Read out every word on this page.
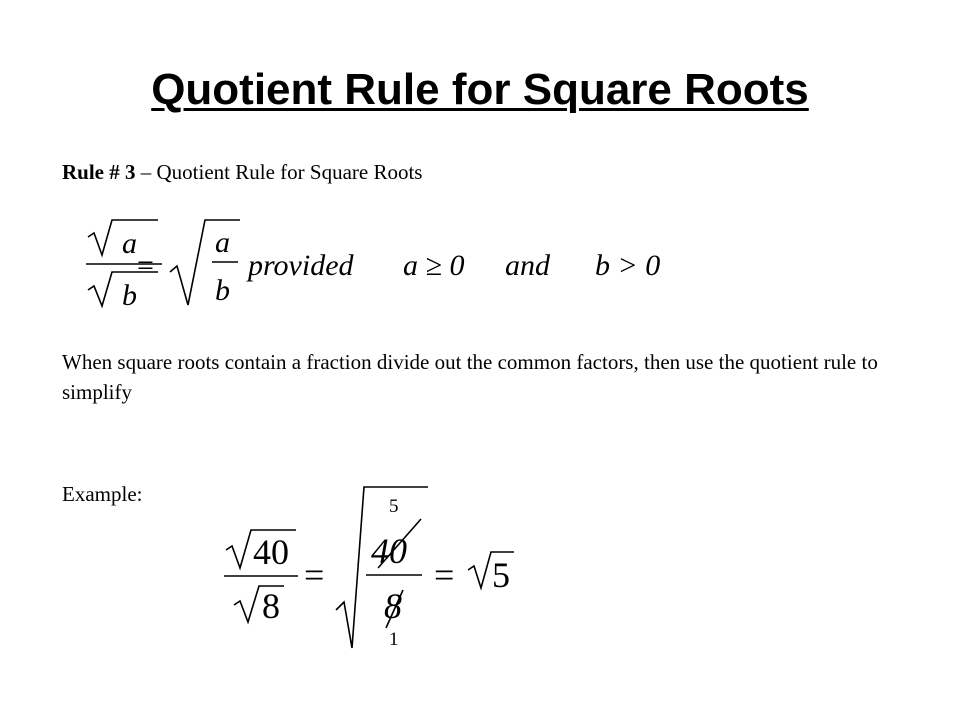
Quotient Rule for Square Roots
Rule # 3 – Quotient Rule for Square Roots
a
b
=
a
b
provided a ≥ 0 and b > 0
40
8
=
40
8
5
1
= 5
When square roots contain a fraction divide out the common factors, then use the quotient rule to simplify
Example:
